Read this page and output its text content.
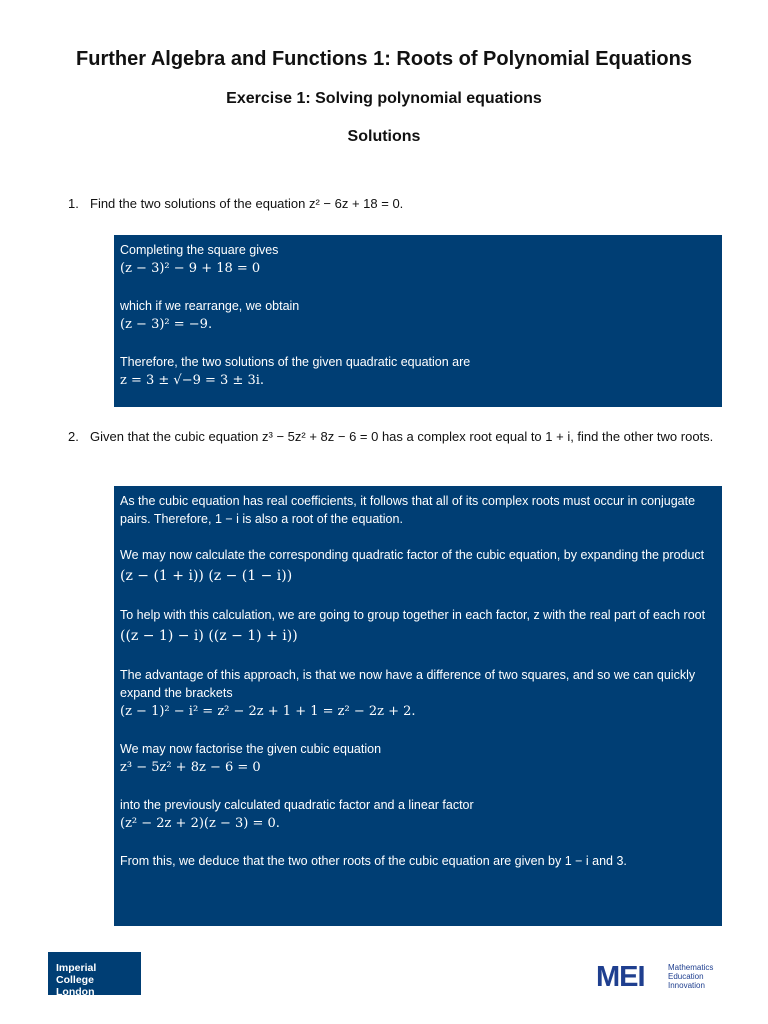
Further Algebra and Functions 1: Roots of Polynomial Equations
Exercise 1: Solving polynomial equations
Solutions
1. Find the two solutions of the equation z² − 6z + 18 = 0.

Completing the square gives

(z − 3)² − 9 + 18 = 0

which if we rearrange, we obtain

(z − 3)² = −9.

Therefore, the two solutions of the given quadratic equation are

z = 3 ± √−9 = 3 ± 3i.

2. Given that the cubic equation z³ − 5z² + 8z − 6 = 0 has a complex root equal to 1 + i, find the other two roots.

As the cubic equation has real coefficients, it follows that all of its complex roots must occur in conjugate pairs. Therefore, 1 − i is also a root of the equation.

We may now calculate the corresponding quadratic factor of the cubic equation, by expanding the product

(z − (1 + i)) (z − (1 − i))

To help with this calculation, we are going to group together in each factor, z with the real part of each root

((z − 1) − i) ((z − 1) + i))

The advantage of this approach, is that we now have a difference of two squares, and so we can quickly expand the brackets

(z − 1)² − i² = z² − 2z + 1 + 1 = z² − 2z + 2.

We may now factorise the given cubic equation

z³ − 5z² + 8z − 6 = 0

into the previously calculated quadratic factor and a linear factor

(z² − 2z + 2)(z − 3) = 0.

From this, we deduce that the two other roots of the cubic equation are given by 1 − i and 3.

Imperial College
London	MEI	Mathematics
Education
Innovation
